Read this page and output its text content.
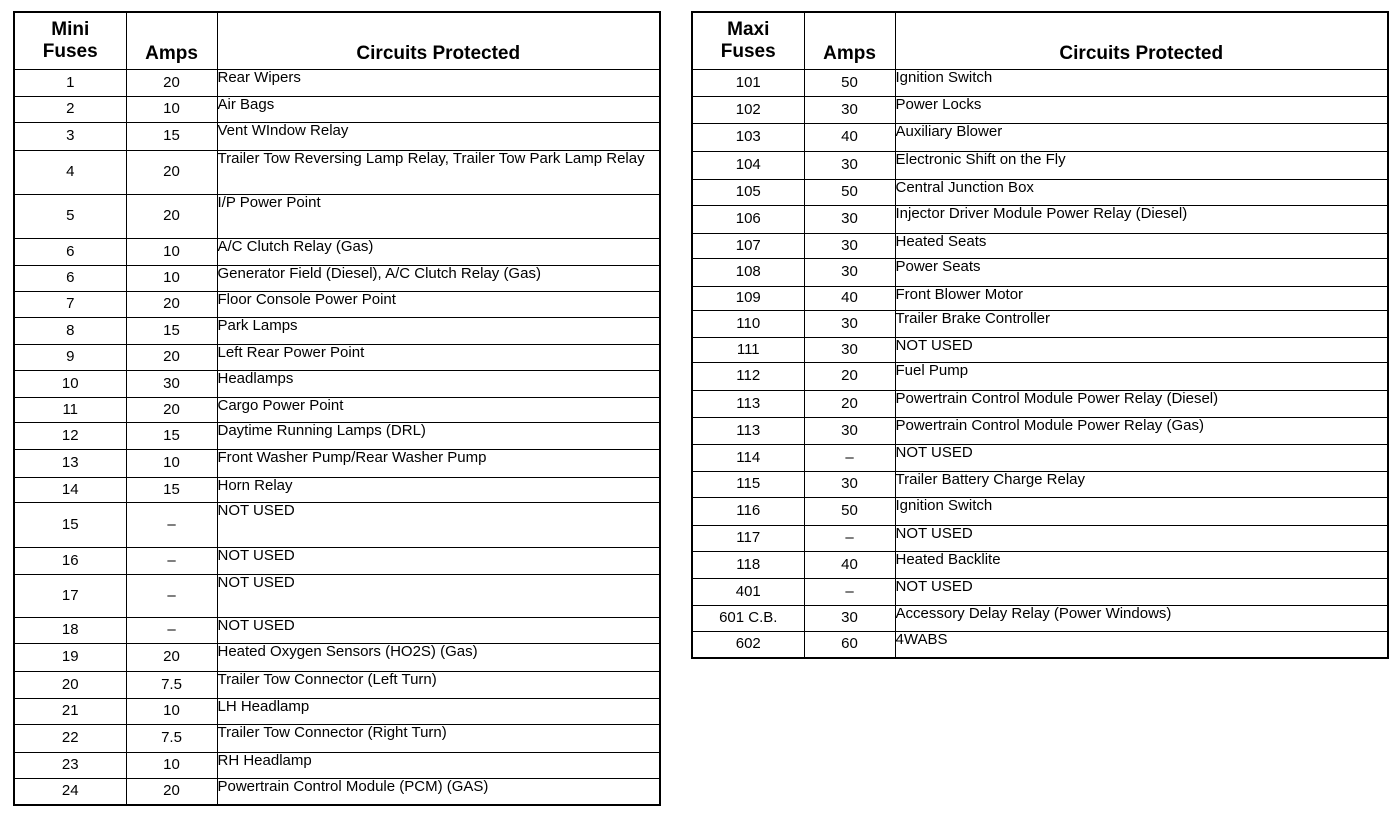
Mini
Fuses	Amps	Circuits Protected
1	20	Rear Wipers
2	10	Air Bags
3	15	Vent WIndow Relay
4	20	Trailer Tow Reversing Lamp Relay, Trailer Tow Park Lamp Relay
5	20	I/P Power Point
6	10	A/C Clutch Relay (Gas)
6	10	Generator Field (Diesel), A/C Clutch Relay (Gas)
7	20	Floor Console Power Point
8	15	Park Lamps
9	20	Left Rear Power Point
10	30	Headlamps
11	20	Cargo Power Point
12	15	Daytime Running Lamps (DRL)
13	10	Front Washer Pump/Rear Washer Pump
14	15	Horn Relay
15	–	NOT USED
16	–	NOT USED
17	–	NOT USED
18	–	NOT USED
19	20	Heated Oxygen Sensors (HO2S) (Gas)
20	7.5	Trailer Tow Connector (Left Turn)
21	10	LH Headlamp
22	7.5	Trailer Tow Connector (Right Turn)
23	10	RH Headlamp
24	20	Powertrain Control Module (PCM) (GAS)
Maxi
Fuses	Amps	Circuits Protected
101	50	Ignition Switch
102	30	Power Locks
103	40	Auxiliary Blower
104	30	Electronic Shift on the Fly
105	50	Central Junction Box
106	30	Injector Driver Module Power Relay (Diesel)
107	30	Heated Seats
108	30	Power Seats
109	40	Front Blower Motor
110	30	Trailer Brake Controller
111	30	NOT USED
112	20	Fuel Pump
113	20	Powertrain Control Module Power Relay (Diesel)
113	30	Powertrain Control Module Power Relay (Gas)
114	–	NOT USED
115	30	Trailer Battery Charge Relay
116	50	Ignition Switch
117	–	NOT USED
118	40	Heated Backlite
401	–	NOT USED
601 C.B.	30	Accessory Delay Relay (Power Windows)
602	60	4WABS
